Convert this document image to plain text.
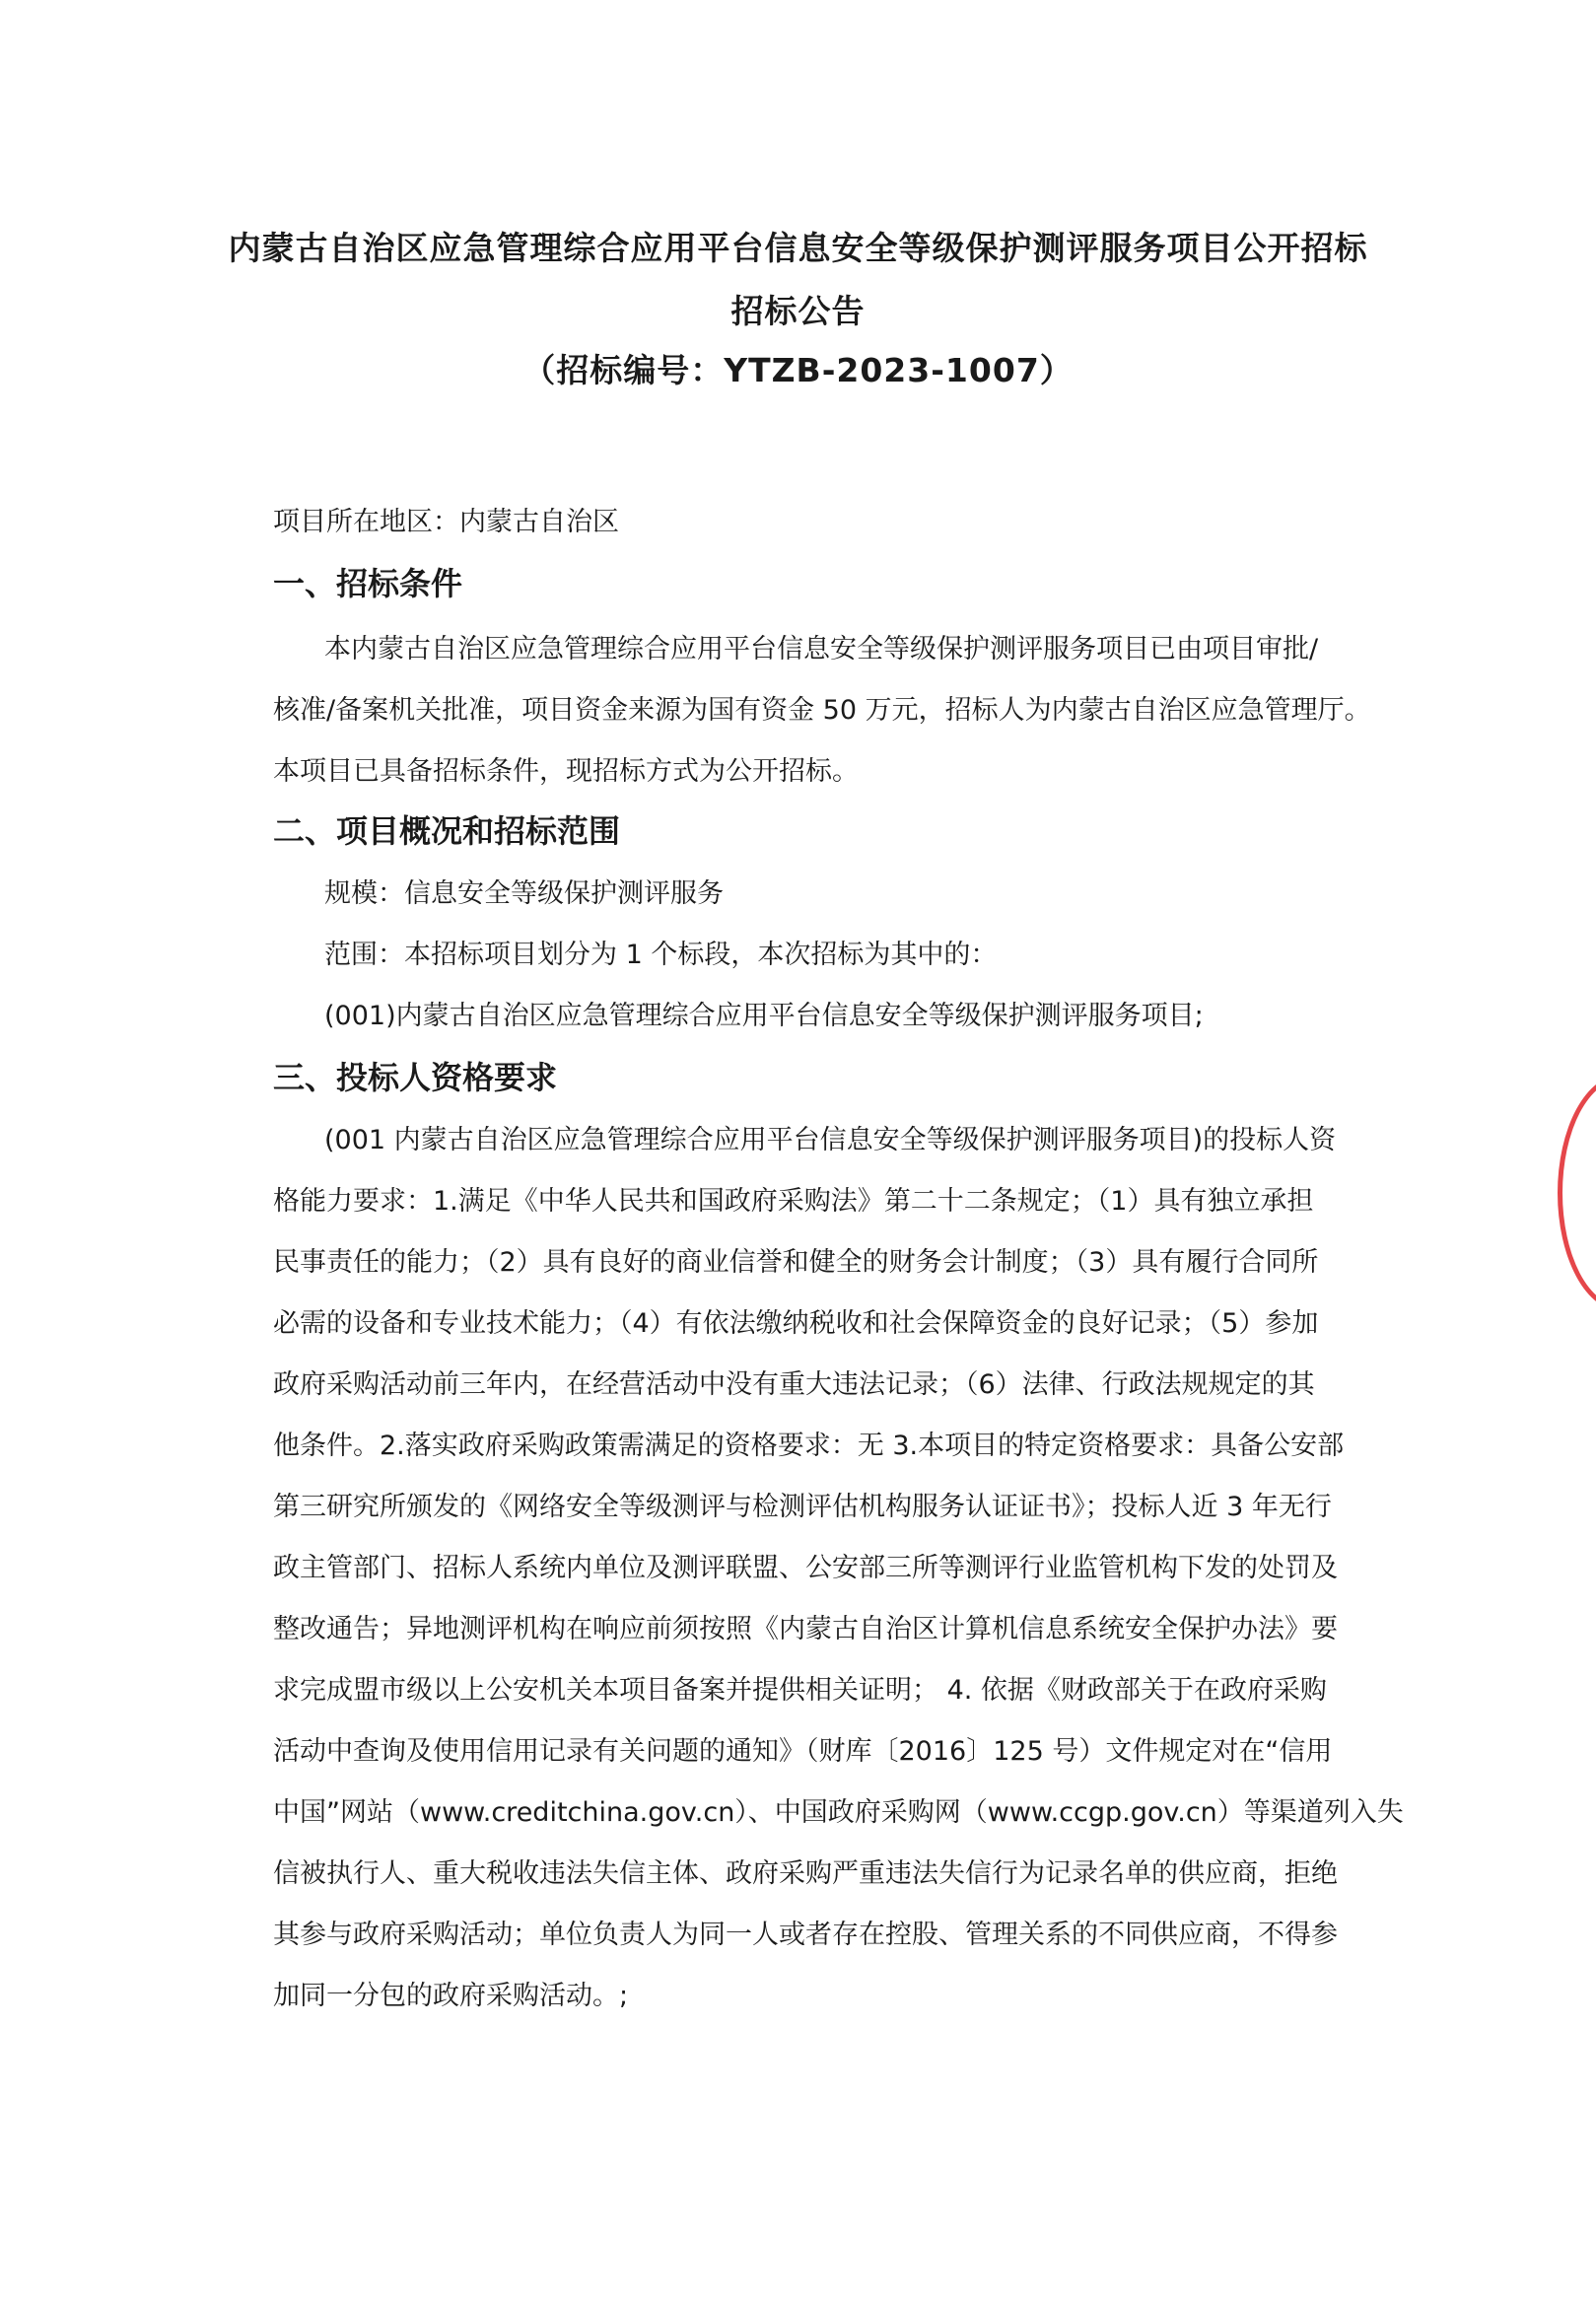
内蒙古自治区应急管理综合应用平台信息安全等级保护测评服务项目公开招标
招标公告
（招标编号：YTZB-2023-1007）
项目所在地区：内蒙古自治区
一、招标条件
本内蒙古自治区应急管理综合应用平台信息安全等级保护测评服务项目已由项目审批/
核准/备案机关批准，项目资金来源为国有资金 50 万元，招标人为内蒙古自治区应急管理厅。
本项目已具备招标条件，现招标方式为公开招标。
二、项目概况和招标范围
规模：信息安全等级保护测评服务
范围：本招标项目划分为 1 个标段，本次招标为其中的：
(001)内蒙古自治区应急管理综合应用平台信息安全等级保护测评服务项目;
三、投标人资格要求
(001 内蒙古自治区应急管理综合应用平台信息安全等级保护测评服务项目)的投标人资
格能力要求：1.满足《中华人民共和国政府采购法》第二十二条规定；（1）具有独立承担
民事责任的能力；（2）具有良好的商业信誉和健全的财务会计制度；（3）具有履行合同所
必需的设备和专业技术能力；（4）有依法缴纳税收和社会保障资金的良好记录；（5）参加
政府采购活动前三年内，在经营活动中没有重大违法记录；（6）法律、行政法规规定的其
他条件。2.落实政府采购政策需满足的资格要求：无 3.本项目的特定资格要求：具备公安部
第三研究所颁发的《网络安全等级测评与检测评估机构服务认证证书》；投标人近 3 年无行
政主管部门、招标人系统内单位及测评联盟、公安部三所等测评行业监管机构下发的处罚及
整改通告；异地测评机构在响应前须按照《内蒙古自治区计算机信息系统安全保护办法》要
求完成盟市级以上公安机关本项目备案并提供相关证明； 4. 依据《财政部关于在政府采购
活动中查询及使用信用记录有关问题的通知》（财库〔2016〕125 号）文件规定对在“信用
中国”网站（www.creditchina.gov.cn）、中国政府采购网（www.ccgp.gov.cn）等渠道列入失
信被执行人、重大税收违法失信主体、政府采购严重违法失信行为记录名单的供应商，拒绝
其参与政府采购活动；单位负责人为同一人或者存在控股、管理关系的不同供应商，不得参
加同一分包的政府采购活动。;
